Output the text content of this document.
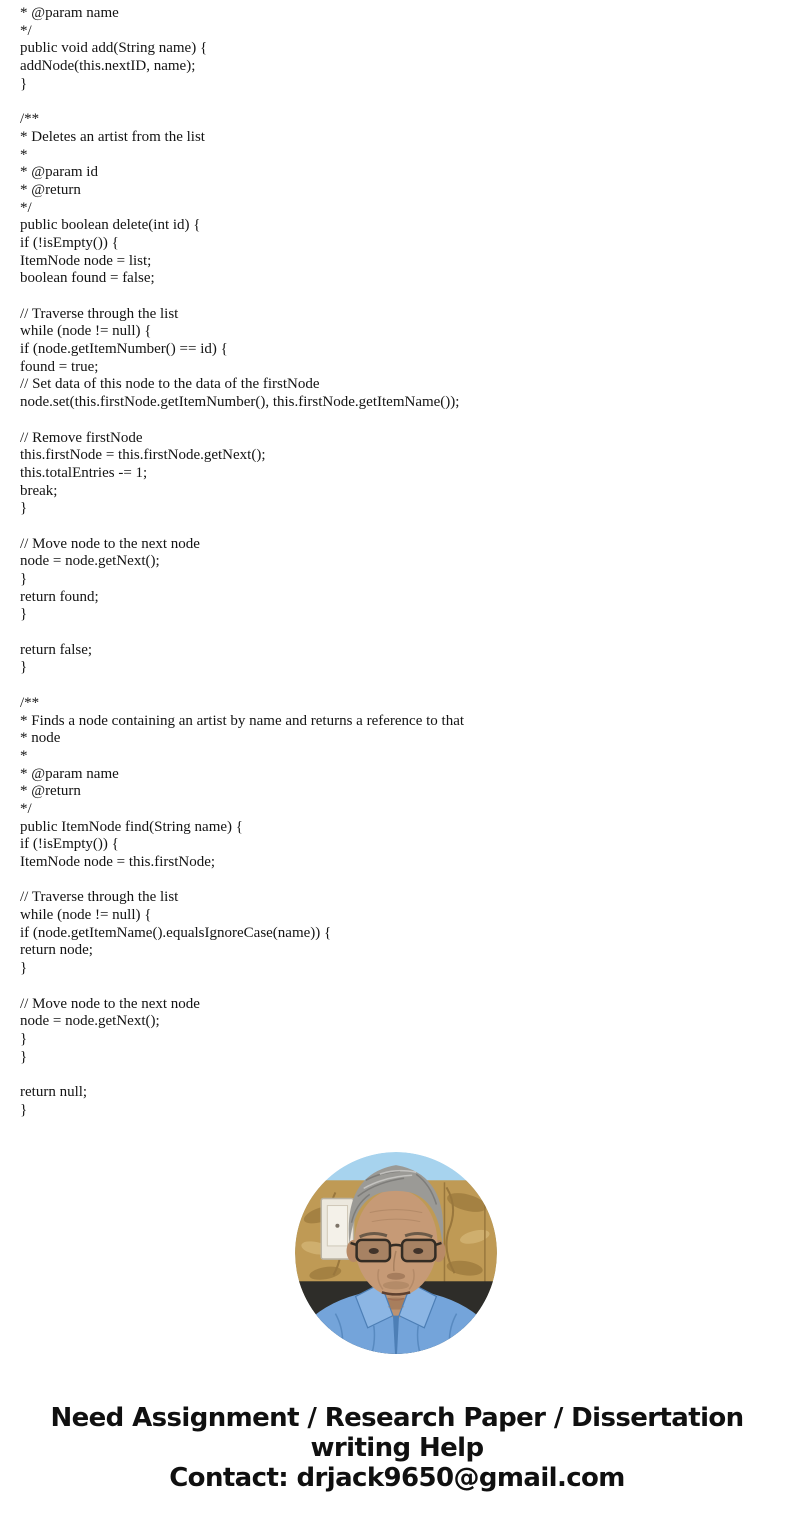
* @param name
*/
public void add(String name) {
addNode(this.nextID, name);
}

/**
* Deletes an artist from the list
*
* @param id
* @return
*/
public boolean delete(int id) {
if (!isEmpty()) {
ItemNode node = list;
boolean found = false;

// Traverse through the list
while (node != null) {
if (node.getItemNumber() == id) {
found = true;
// Set data of this node to the data of the firstNode
node.set(this.firstNode.getItemNumber(), this.firstNode.getItemName());

// Remove firstNode
this.firstNode = this.firstNode.getNext();
this.totalEntries -= 1;
break;
}

// Move node to the next node
node = node.getNext();
}
return found;
}

return false;
}

/**
* Finds a node containing an artist by name and returns a reference to that
* node
*
* @param name
* @return
*/
public ItemNode find(String name) {
if (!isEmpty()) {
ItemNode node = this.firstNode;

// Traverse through the list
while (node != null) {
if (node.getItemName().equalsIgnoreCase(name)) {
return node;
}

// Move node to the next node
node = node.getNext();
}
}

return null;
}
Need Assignment / Research Paper / Dissertation
writing Help
Contact: drjack9650@gmail.com
